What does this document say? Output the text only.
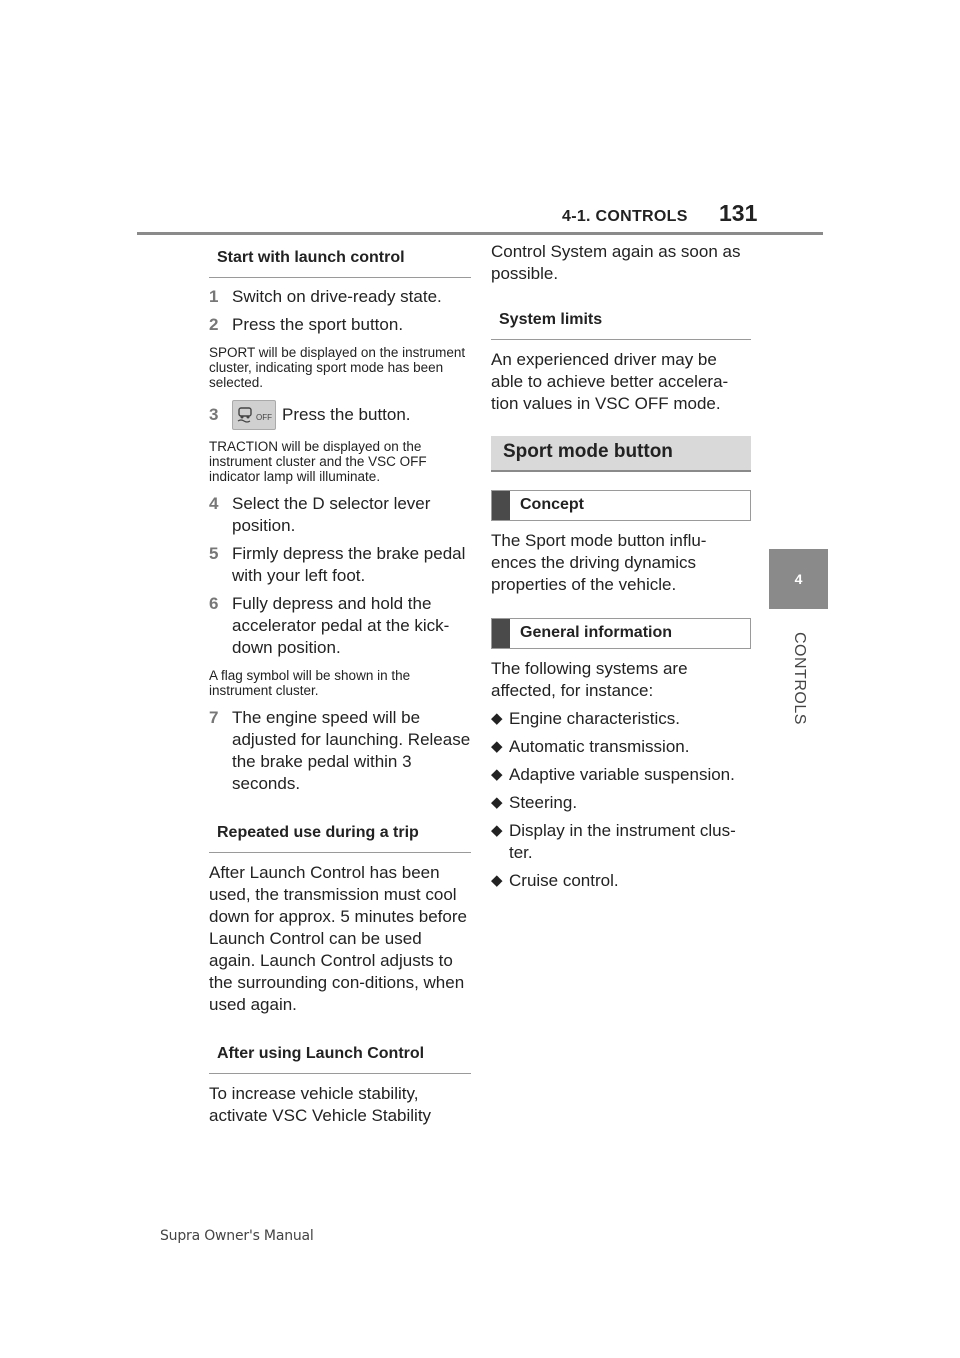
4-1. CONTROLS 131
4
CONTROLS
Start with launch control
1 Switch on drive-ready state.
2 Press the sport button.
SPORT will be displayed on the instrument cluster, indicating sport mode has been selected.
3	OFF Press the button.
TRACTION will be displayed on the instrument cluster and the VSC OFF indicator lamp will illuminate.
4 Select the D selector lever position.
5 Firmly depress the brake pedal with your left foot.
6 Fully depress and hold the accelerator pedal at the kick-down position.
A flag symbol will be shown in the instrument cluster.
7 The engine speed will be adjusted for launching. Release the brake pedal within 3 seconds.
Repeated use during a trip
After Launch Control has been used, the transmission must cool down for approx. 5 minutes before Launch Control can be used again. Launch Control adjusts to the surrounding con-ditions, when used again.
After using Launch Control
To increase vehicle stability, activate VSC Vehicle Stability
Control System again as soon as possible.
System limits
An experienced driver may be able to achieve better accelera-tion values in VSC OFF mode.
Sport mode button
Concept
The Sport mode button influ-ences the driving dynamics properties of the vehicle.
General information
The following systems are affected, for instance:
◆ Engine characteristics.
◆ Automatic transmission.
◆ Adaptive variable suspension.
◆ Steering.
◆ Display in the instrument clus-ter.
◆ Cruise control.
Supra Owner's Manual
